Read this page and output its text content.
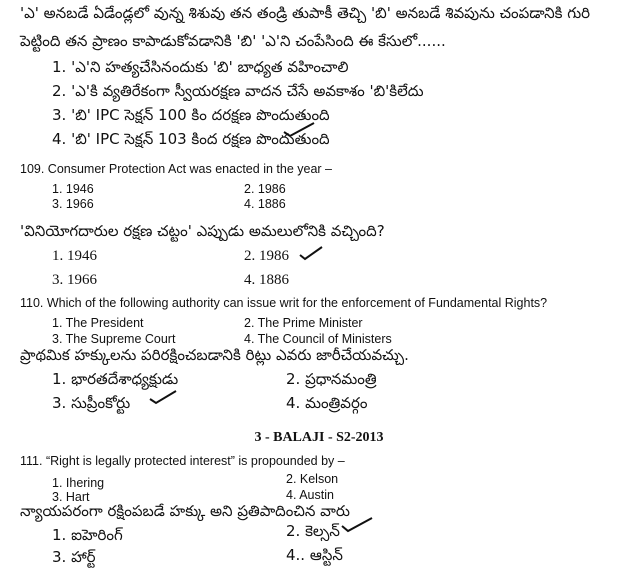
'ఎ' అనబడే ఏడేండ్లలో వున్న శిశువు తన తండ్రి తుపాకీ తెచ్చి 'బి' అనబడే శివపును చంపడానికి గురి
పెట్టింది తన ప్రాణం కాపాడుకోవడానికి 'బి' 'ఎ'ని చంపేసింది ఈ కేసులో......
1. 'ఎ'ని హత్యచేసినందుకు 'బి' బాధ్యత వహించాలి
2. 'ఎ'కి వ్యతిరేకంగా స్వీయరక్షణ వాదన చేసే అవకాశం 'బి'కిలేదు
3. 'బి' IPC సెక్షన్ 100 కిం దరక్షణ పొందుతుంది
4. 'బి' IPC సెక్షన్ 103 కింద రక్షణ పొందుతుంది
109. Consumer Protection Act was enacted in the year –
1. 1946	2. 1986
3. 1966	4. 1886
'వినియోగదారుల రక్షణ చట్టం' ఎప్పుడు అమలులోనికి వచ్చింది?
1. 1946	2. 1986
3. 1966	4. 1886
110. Which of the following authority can issue writ for the enforcement of Fundamental Rights?
1. The President	2. The Prime Minister
3. The Supreme Court	4. The Council of Ministers
ప్రాథమిక హక్కులను పరిరక్షించబడానికి రిట్లు ఎవరు జారీచేయవచ్చు.
1. భారతదేశాధ్యక్షుడు	2. ప్రధానమంత్రి
3. సుప్రీంకోర్టు	4. మంత్రివర్గం
3 - BALAJI - S2-2013
111. “Right is legally protected interest” is propounded by –
1. Ihering	2. Kelson
3. Hart	4. Austin
న్యాయపరంగా రక్షింపబడే హక్కు అని ప్రతిపాదించిన వారు
1. ఐహెరింగ్	2. కెల్సన్
3. హార్ట్	4.. ఆస్టిన్
